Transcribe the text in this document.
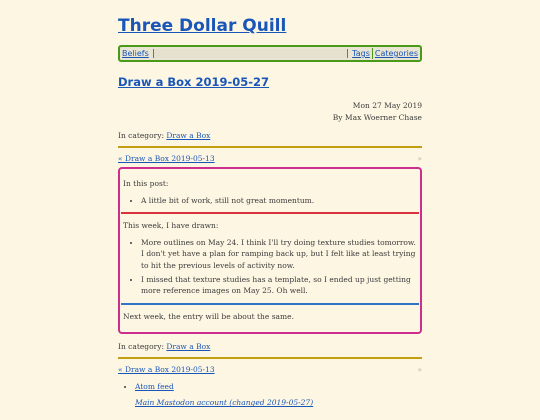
Three Dollar Quill
Beliefs	Tags Categories
Draw a Box 2019-05-27
Mon 27 May 2019
By Max Woerner Chase
In category: Draw a Box
« Draw a Box 2019-05-13	»

In this post:

• A little bit of work, still not great momentum.

This week, I have drawn:

• More outlines on May 24. I think I'll try doing texture studies tomorrow. I don't yet have a plan for ramping back up, but I felt like at least trying to hit the previous levels of activity now.
• I missed that texture studies has a template, so I ended up just getting more reference images on May 25. Oh well.

Next week, the entry will be about the same.

In category: Draw a Box
« Draw a Box 2019-05-13	»
• Atom feed
Main Mastodon account (changed 2019-05-27)
